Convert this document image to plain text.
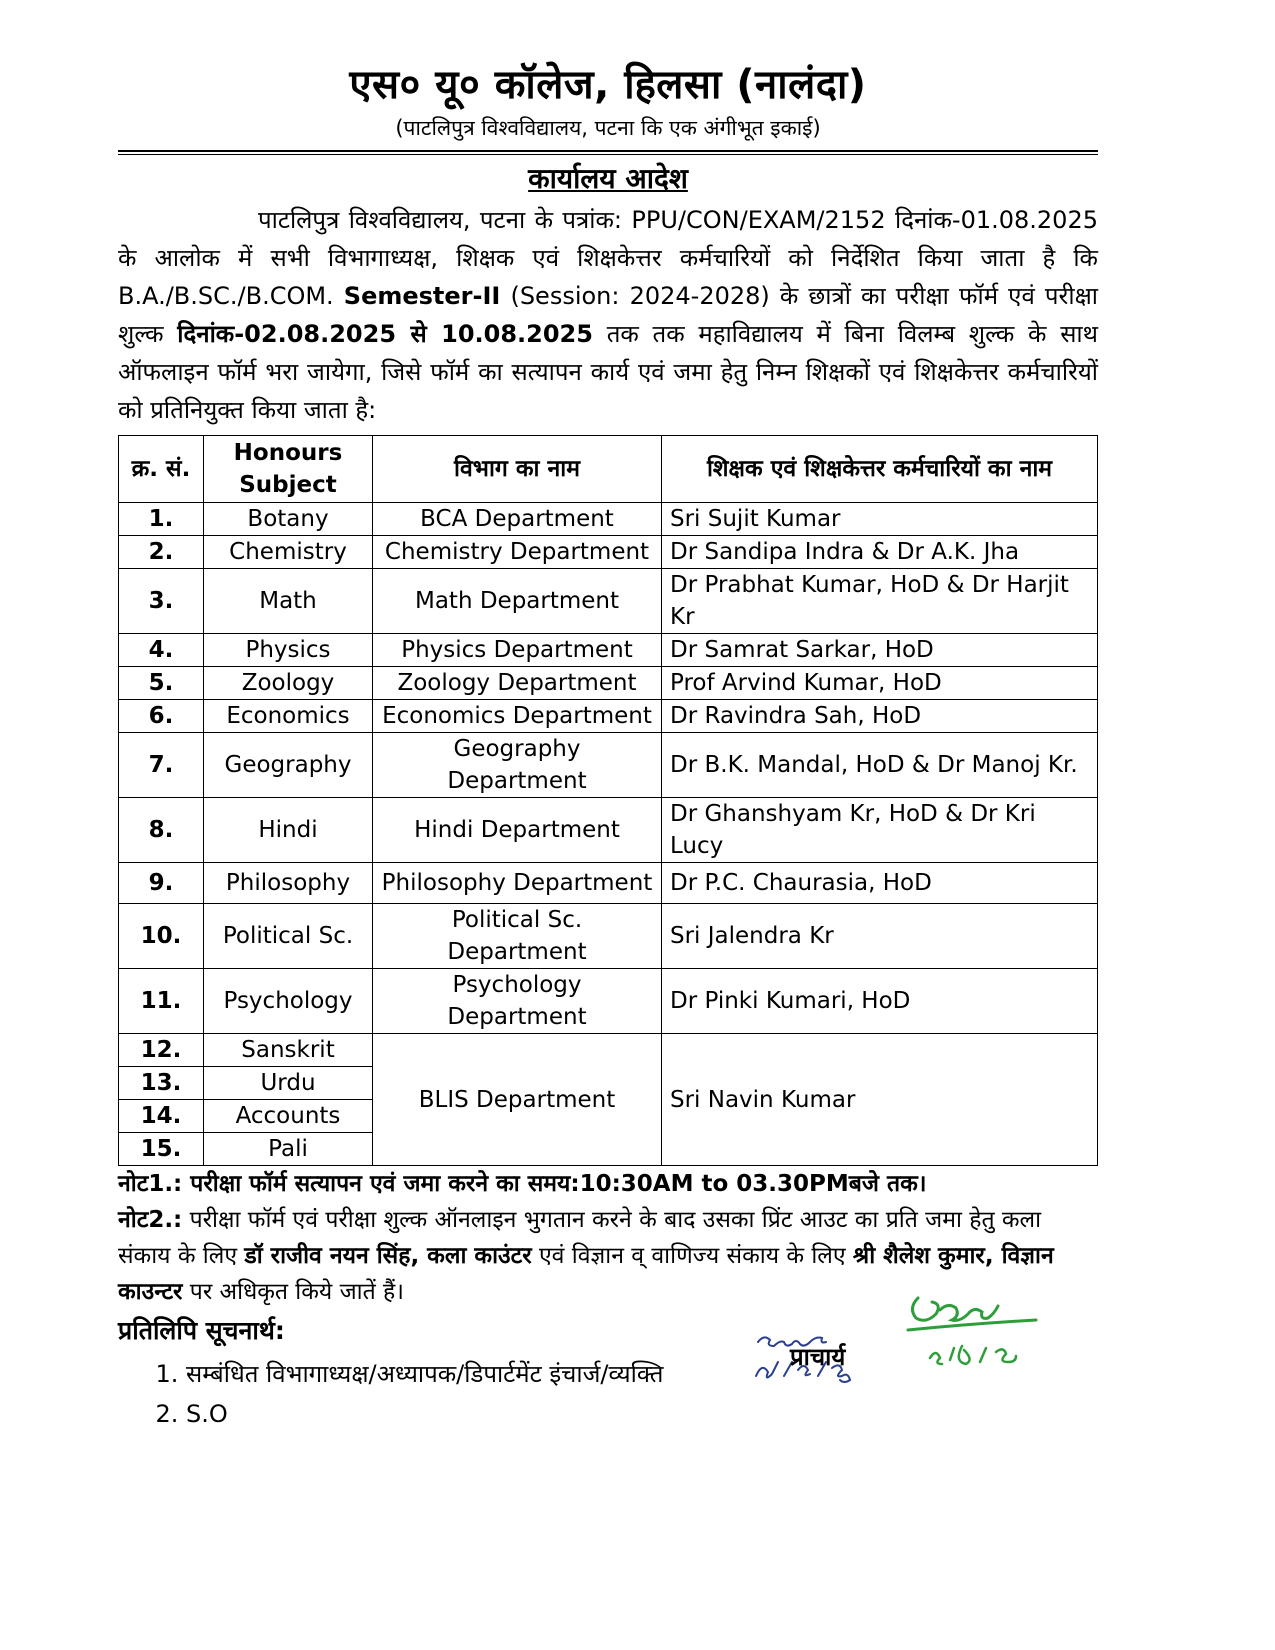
एस० यू० कॉलेज, हिलसा (नालंदा)
(पाटलिपुत्र विश्वविद्यालय, पटना कि एक अंगीभूत इकाई)
कार्यालय आदेश

पाटलिपुत्र विश्वविद्यालय, पटना के पत्रांक: PPU/CON/EXAM/2152 दिनांक-01.08.2025 के आलोक में सभी विभागाध्यक्ष, शिक्षक एवं शिक्षकेत्तर कर्मचारियों को निर्देशित किया जाता है कि B.A./B.SC./B.COM. Semester-II (Session: 2024-2028) के छात्रों का परीक्षा फॉर्म एवं परीक्षा शुल्क दिनांक-02.08.2025 से 10.08.2025 तक तक महाविद्यालय में बिना विलम्ब शुल्क के साथ ऑफलाइन फॉर्म भरा जायेगा, जिसे फॉर्म का सत्यापन कार्य एवं जमा हेतु निम्न शिक्षकों एवं शिक्षकेत्तर कर्मचारियों को प्रतिनियुक्त किया जाता है:

क्र. सं.	Honours Subject	विभाग का नाम	शिक्षक एवं शिक्षकेत्तर कर्मचारियों का नाम
1.	Botany	BCA Department	Sri Sujit Kumar
2.	Chemistry	Chemistry Department	Dr Sandipa Indra & Dr A.K. Jha
3.	Math	Math Department	Dr Prabhat Kumar, HoD & Dr Harjit Kr
4.	Physics	Physics Department	Dr Samrat Sarkar, HoD
5.	Zoology	Zoology Department	Prof Arvind Kumar, HoD
6.	Economics	Economics Department	Dr Ravindra Sah, HoD
7.	Geography	Geography Department	Dr B.K. Mandal, HoD & Dr Manoj Kr.
8.	Hindi	Hindi Department	Dr Ghanshyam Kr, HoD & Dr Kri Lucy
9.	Philosophy	Philosophy Department	Dr P.C. Chaurasia, HoD
10.	Political Sc.	Political Sc. Department	Sri Jalendra Kr
11.	Psychology	Psychology Department	Dr Pinki Kumari, HoD
12.	Sanskrit	BLIS Department	Sri Navin Kumar
13.	Urdu		
14.	Accounts		
15.	Pali		

नोट1.: परीक्षा फॉर्म सत्यापन एवं जमा करने का समय:10:30AM to 03.30PMबजे तक।

नोट2.: परीक्षा फॉर्म एवं परीक्षा शुल्क ऑनलाइन भुगतान करने के बाद उसका प्रिंट आउट का प्रति जमा हेतु कला संकाय के लिए डॉ राजीव नयन सिंह, कला काउंटर एवं विज्ञान व् वाणिज्य संकाय के लिए श्री शैलेश कुमार, विज्ञान काउन्टर पर अधिकृत किये जातें हैं।

प्रतिलिपि सूचनार्थ:
1. सम्बंधित विभागाध्यक्ष/अध्यापक/डिपार्टमेंट इंचार्ज/व्यक्ति
2. S.O
प्राचार्य
